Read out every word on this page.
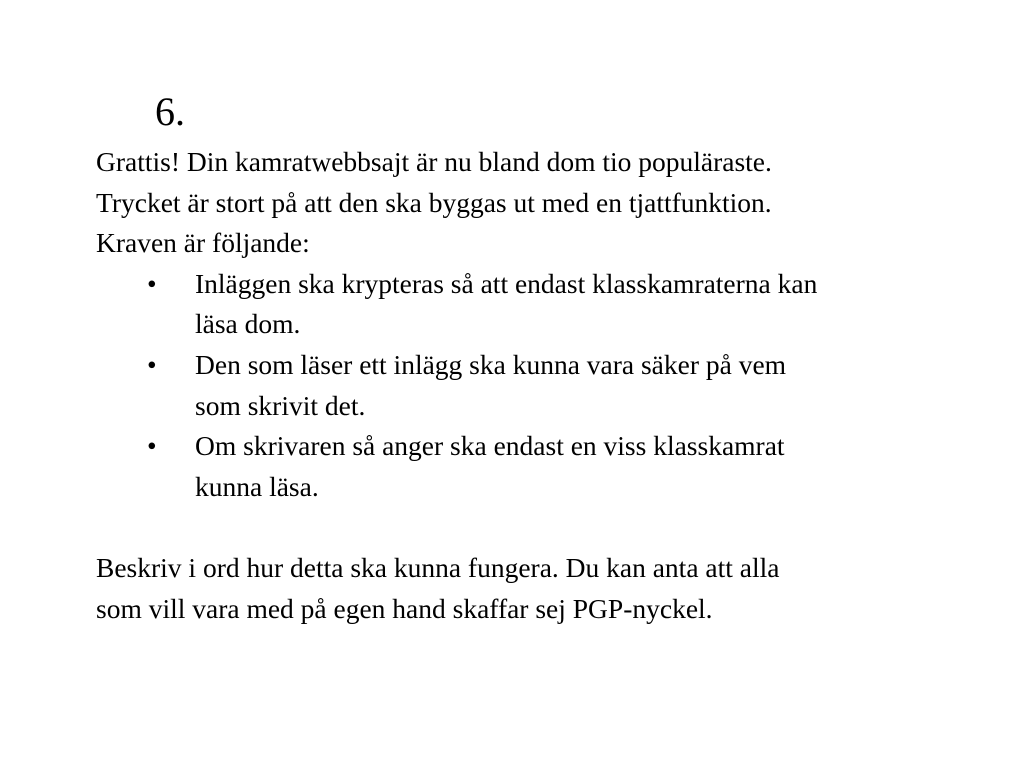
6.

Grattis! Din kamratwebbsajt är nu bland dom tio populäraste.

Trycket är stort på att den ska byggas ut med en tjattfunktion.

Kraven är följande:

• Inläggen ska krypteras så att endast klasskamraterna kan
läsa dom.
• Den som läser ett inlägg ska kunna vara säker på vem
som skrivit det.
• Om skrivaren så anger ska endast en viss klasskamrat
kunna läsa.

Beskriv i ord hur detta ska kunna fungera. Du kan anta att alla

som vill vara med på egen hand skaffar sej PGP-nyckel.
